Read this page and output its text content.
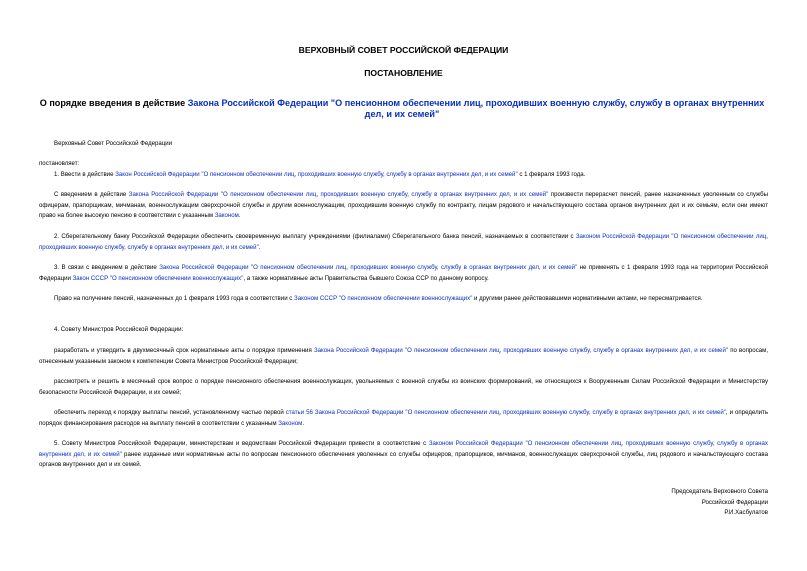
ВЕРХОВНЫЙ СОВЕТ РОССИЙСКОЙ ФЕДЕРАЦИИ
ПОСТАНОВЛЕНИЕ
О порядке введения в действие Закона Российской Федерации "О пенсионном обеспечении лиц, проходивших военную службу, службу в органах внутренних дел, и их семей"
Верховный Совет Российской Федерации
постановляет:
1. Ввести в действие Закон Российской Федерации "О пенсионном обеспечении лиц, проходивших военную службу, службу в органах внутренних дел, и их семей" с 1 февраля 1993 года.
С введением в действие Закона Российской Федерации "О пенсионном обеспечении лиц, проходивших военную службу, службу в органах внутренних дел, и их семей" произвести перерасчет пенсий, ранее назначенных уволенным со службы офицерам, прапорщикам, мичманам, военнослужащим сверхсрочной службы и другим военнослужащим, проходившим военную службу по контракту, лицам рядового и начальствующего состава органов внутренних дел и их семьям, если они имеют право на более высокую пенсию в соответствии с указанным Законом.
2. Сберегательному банку Российской Федерации обеспечить своевременную выплату учреждениями (филиалами) Сберегательного банка пенсий, назначаемых в соответствии с Законом Российской Федерации "О пенсионном обеспечении лиц, проходивших военную службу, службу в органах внутренних дел, и их семей".
3. В связи с введением в действие Закона Российской Федерации "О пенсионном обеспечении лиц, проходивших военную службу, службу в органах внутренних дел, и их семей" не применять с 1 февраля 1993 года на территории Российской Федерации Закон СССР "О пенсионном обеспечении военнослужащих", а также нормативные акты Правительства бывшего Союза ССР по данному вопросу.
Право на получение пенсий, назначенных до 1 февраля 1993 года в соответствии с Законом СССР "О пенсионном обеспечении военнослужащих" и другими ранее действовавшими нормативными актами, не пересматривается.
4. Совету Министров Российской Федерации:
разработать и утвердить в двухмесячный срок нормативные акты о порядке применения Закона Российской Федерации "О пенсионном обеспечении лиц, проходивших военную службу, службу в органах внутренних дел, и их семей" по вопросам, отнесенным указанным законом к компетенции Совета Министров Российской Федерации;
рассмотреть и решить в месячный срок вопрос о порядке пенсионного обеспечения военнослужащих, увольняемых с военной службы из воинских формирований, не относящихся к Вооруженным Силам Российской Федерации и Министерству безопасности Российской Федерации, и их семей;
обеспечить переход к порядку выплаты пенсий, установленному частью первой статьи 56 Закона Российской Федерации "О пенсионном обеспечении лиц, проходивших военную службу, службу в органах внутренних дел, и их семей", и определить порядок финансирования расходов на выплату пенсий в соответствии с указанным Законом.
5. Совету Министров Российской Федерации, министерствам и ведомствам Российской Федерации привести в соответствие с Законом Российской Федерации "О пенсионном обеспечении лиц, проходивших военную службу, службу в органах внутренних дел, и их семей" ранее изданные ими нормативные акты по вопросам пенсионного обеспечения уволенных со службы офицеров, прапорщиков, мичманов, военнослужащих сверхсрочной службы, лиц рядового и начальствующего состава органов внутренних дел и их семей.
Председатель Верховного Совета
Российской Федерации
Р.И.Хасбулатов
